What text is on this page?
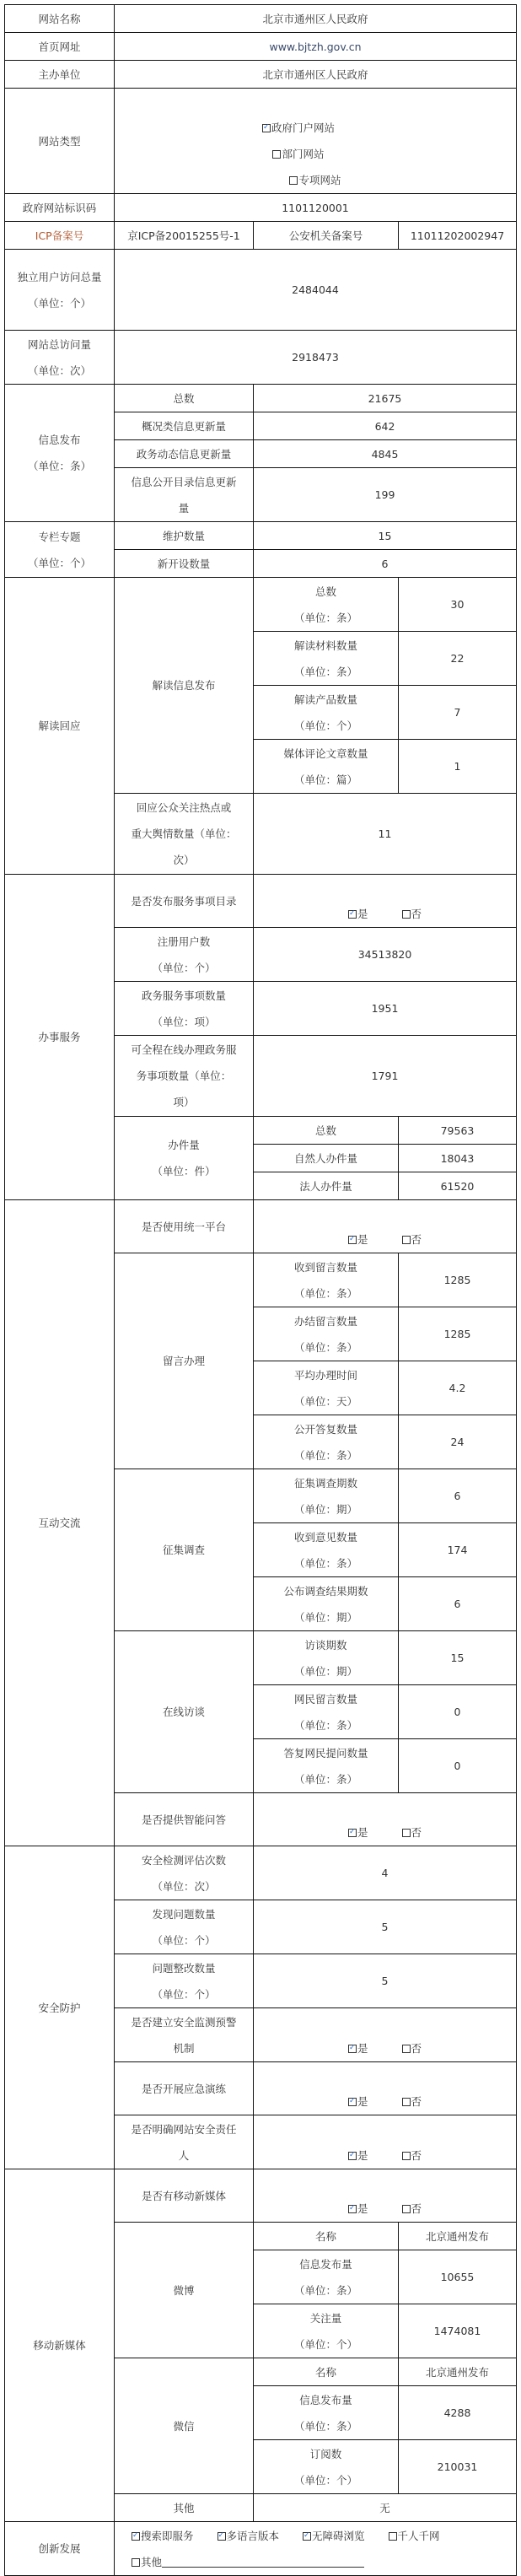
网站名称	北京市通州区人民政府		
首页网址	www.bjtzh.gov.cn		
主办单位	北京市通州区人民政府		
网站类型	
✓政府门户网站
部门网站
专项网站

政府网站标识码	1101120001		
ICP备案号	京ICP备20015255号-1	公安机关备案号	11011202002947
独立用户访问总量
（单位：个）	2484044		
网站总访问量
（单位：次）	2918473		
信息发布
（单位：条）	总数	21675	
	概况类信息更新量	642	
	政务动态信息更新量	4845	
	信息公开目录信息更新
量	199	
专栏专题
（单位：个）	维护数量	15	
	新开设数量	6	
解读回应	解读信息发布	总数
（单位：条）	30
		解读材料数量
（单位：条）	22
		解读产品数量
（单位：个）	7
		媒体评论文章数量
（单位：篇）	1
	回应公众关注热点或
重大舆情数量（单位：
次）	11	
办事服务	是否发布服务事项目录	
✓是 否

	注册用户数
（单位：个）	34513820	
	政务服务事项数量
（单位：项）	1951	
	可全程在线办理政务服
务事项数量（单位：
项）	1791	
	办件量
（单位：件）	总数	79563
		自然人办件量	18043
		法人办件量	61520
互动交流	是否使用统一平台	
✓是 否

	留言办理	收到留言数量
（单位：条）	1285
		办结留言数量
（单位：条）	1285
		平均办理时间
（单位：天）	4.2
		公开答复数量
（单位：条）	24
	征集调查	征集调查期数
（单位：期）	6
		收到意见数量
（单位：条）	174
		公布调查结果期数
（单位：期）	6
	在线访谈	访谈期数
（单位：期）	15
		网民留言数量
（单位：条）	0
		答复网民提问数量
（单位：条）	0
	是否提供智能问答	
✓是 否

安全防护	安全检测评估次数
（单位：次）	4	
	发现问题数量
（单位：个）	5	
	问题整改数量
（单位：个）	5	
	是否建立安全监测预警
机制	
✓是 否

	是否开展应急演练	
✓是 否

	是否明确网站安全责任
人	
✓是 否

移动新媒体	是否有移动新媒体	
✓是 否

	微博	名称	北京通州发布
		信息发布量
（单位：条）	10655
		关注量
（单位：个）	1474081
	微信	名称	北京通州发布
		信息发布量
（单位：条）	4288
		订阅数
（单位：个）	210031
	其他	无	
创新发展	✓搜索即服务 ✓ 多语言版本 ✓ 无障碍浏览 千人千网
其他
